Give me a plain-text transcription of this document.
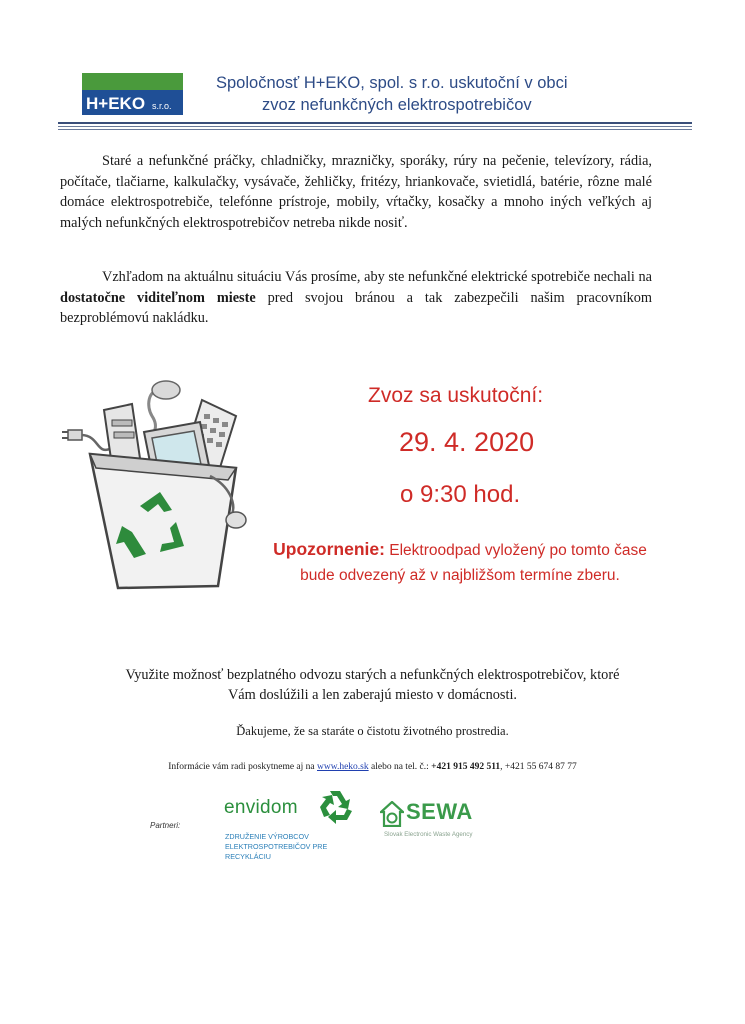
H+EKO s.r.o.
Spoločnosť H+EKO, spol. s r.o. uskutoční v obci
zvoz nefunkčných elektrospotrebičov
Staré a nefunkčné práčky, chladničky, mrazničky, sporáky, rúry na pečenie, televízory, rádia, počítače, tlačiarne, kalkulačky, vysávače, žehličky, fritézy, hriankovače, svietidlá, batérie, rôzne malé domáce elektrospotrebiče, telefónne prístroje, mobily, vŕtačky, kosačky a mnoho iných veľkých aj malých nefunkčných elektrospotrebičov netreba nikde nosiť.
Vzhľadom na aktuálnu situáciu Vás prosíme, aby ste nefunkčné elektrické spotrebiče nechali na dostatočne viditeľnom mieste pred svojou bránou a tak zabezpečili našim pracovníkom bezproblémovú nakládku.
Zvoz sa uskutoční:
29. 4. 2020
o 9:30 hod.
Upozornenie: Elektroodpad vyložený po tomto čase bude odvezený až v najbližšom termíne zberu.
Využite možnosť bezplatného odvozu starých a nefunkčných elektrospotrebičov, ktoré
Vám doslúžili a len zaberajú miesto v domácnosti.
Ďakujeme, že sa staráte o čistotu životného prostredia.
Informácie vám radi poskytneme aj na www.heko.sk alebo na tel. č.: +421 915 492 511, +421 55 674 87 77
Partneri:
envidom
ZDRUŽENIE VÝROBCOV
ELEKTROSPOTREBIČOV PRE RECYKLÁCIU
SEWA
Slovak Electronic Waste Agency
